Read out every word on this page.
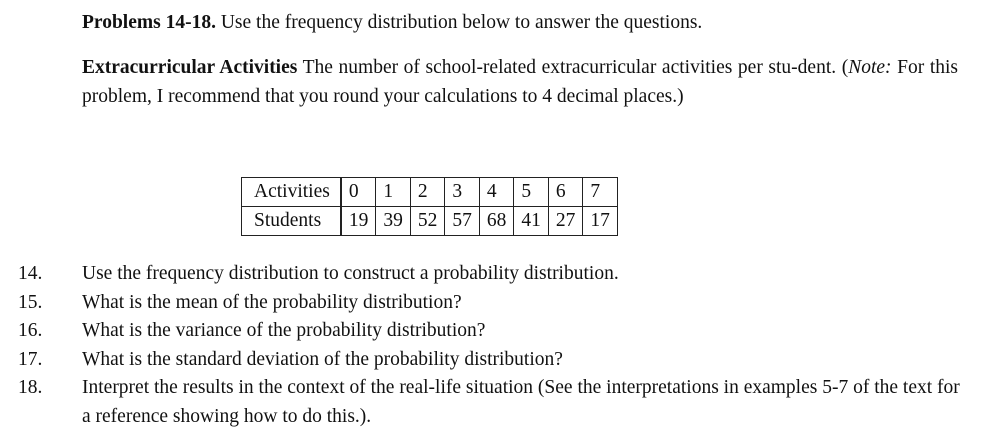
Problems 14-18. Use the frequency distribution below to answer the questions.
Extracurricular Activities The number of school-related extracurricular activities per stu-dent. (Note: For this problem, I recommend that you round your calculations to 4 decimal places.)
Activities	0	1	2	3	4	5	6	7
Students	19	39	52	57	68	41	27	17
14. Use the frequency distribution to construct a probability distribution.
15. What is the mean of the probability distribution?
16. What is the variance of the probability distribution?
17. What is the standard deviation of the probability distribution?
18. Interpret the results in the context of the real-life situation (See the interpretations in examples 5-7 of the text for a reference showing how to do this.).
